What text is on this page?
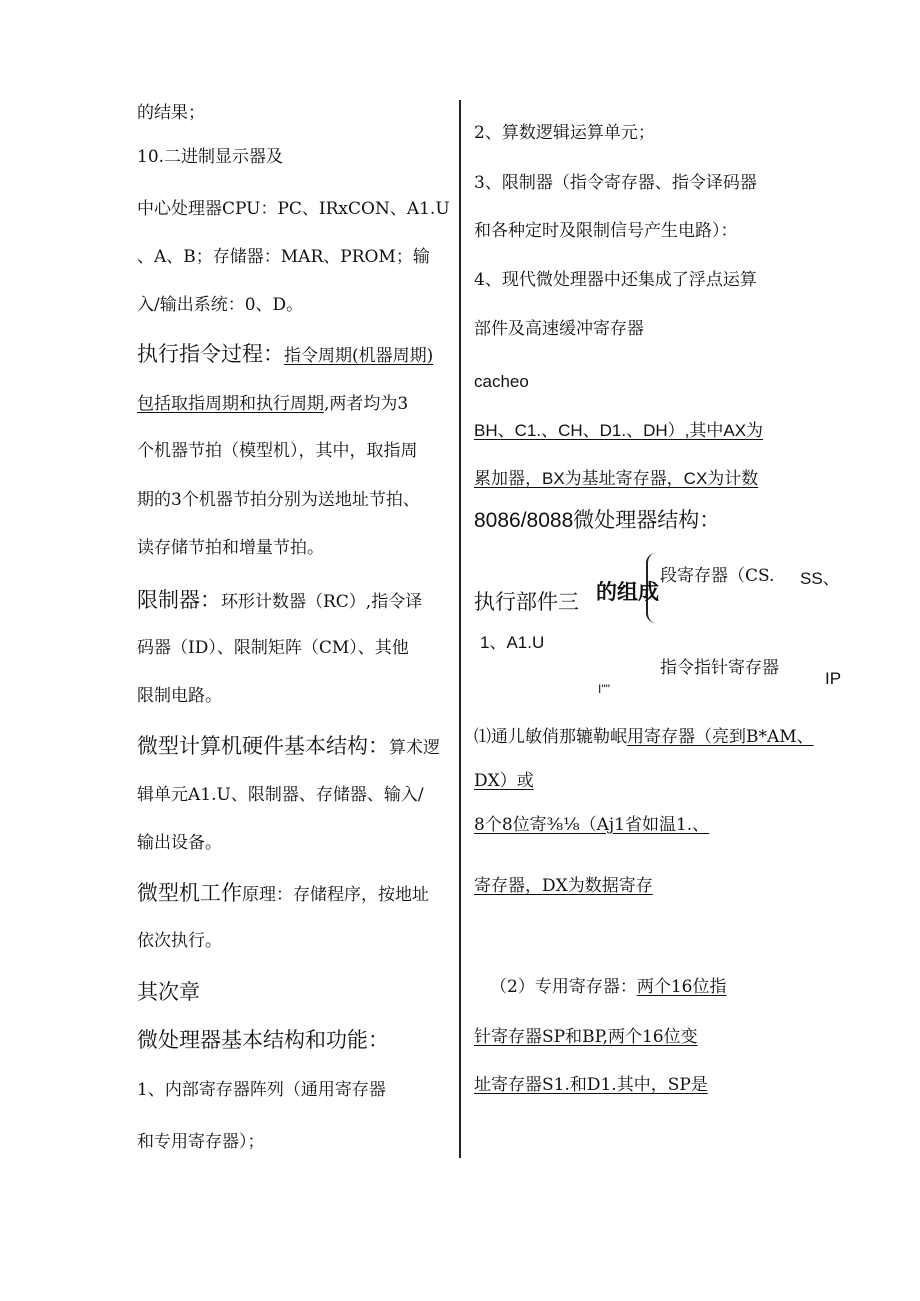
的结果；
10.二进制显示器及
中心处理器CPU：PC、IRxCON、A1.U
、A、B；存储器：MAR、PROM；输
入/输出系统：0、D。
执行指令过程：指令周期(机器周期)
包括取指周期和执行周期,两者均为3
个机器节拍（模型机），其中，取指周
期的3个机器节拍分别为送地址节拍、
读存储节拍和增量节拍。
限制器：环形计数器（RC）,指令译
码器（ID）、限制矩阵（CM）、其他
限制电路。
微型计算机硬件基本结构：算术逻
辑单元A1.U、限制器、存储器、输入/
输出设备。
微型机工作原理：存储程序，按地址
依次执行。
其次章
微处理器基本结构和功能：
1、内部寄存器阵列（通用寄存器
和专用寄存器）；
2、算数逻辑运算单元；
3、限制器（指令寄存器、指令译码器
和各种定时及限制信号产生电路）：
4、现代微处理器中还集成了浮点运算
部件及高速缓冲寄存器
cacheo
BH、C1.、CH、D1.、DH）,其中AX为
累加器，BX为基址寄存器，CX为计数
8086/8088微处理器结构：
段寄存器（CS. SS、
执行部件三 的组成
1、A1.U
指令指针寄存器
IP
I""
⑴通儿敏俏那辘勒岷用寄存器（亮到B*AM、
DX）或
8个8位寄⅜⅛（Aj1省如温1.、
寄存器，DX为数据寄存
（2）专用寄存器：两个16位指
针寄存器SP和BP,两个16位变
址寄存器S1.和D1.其中，SP是
